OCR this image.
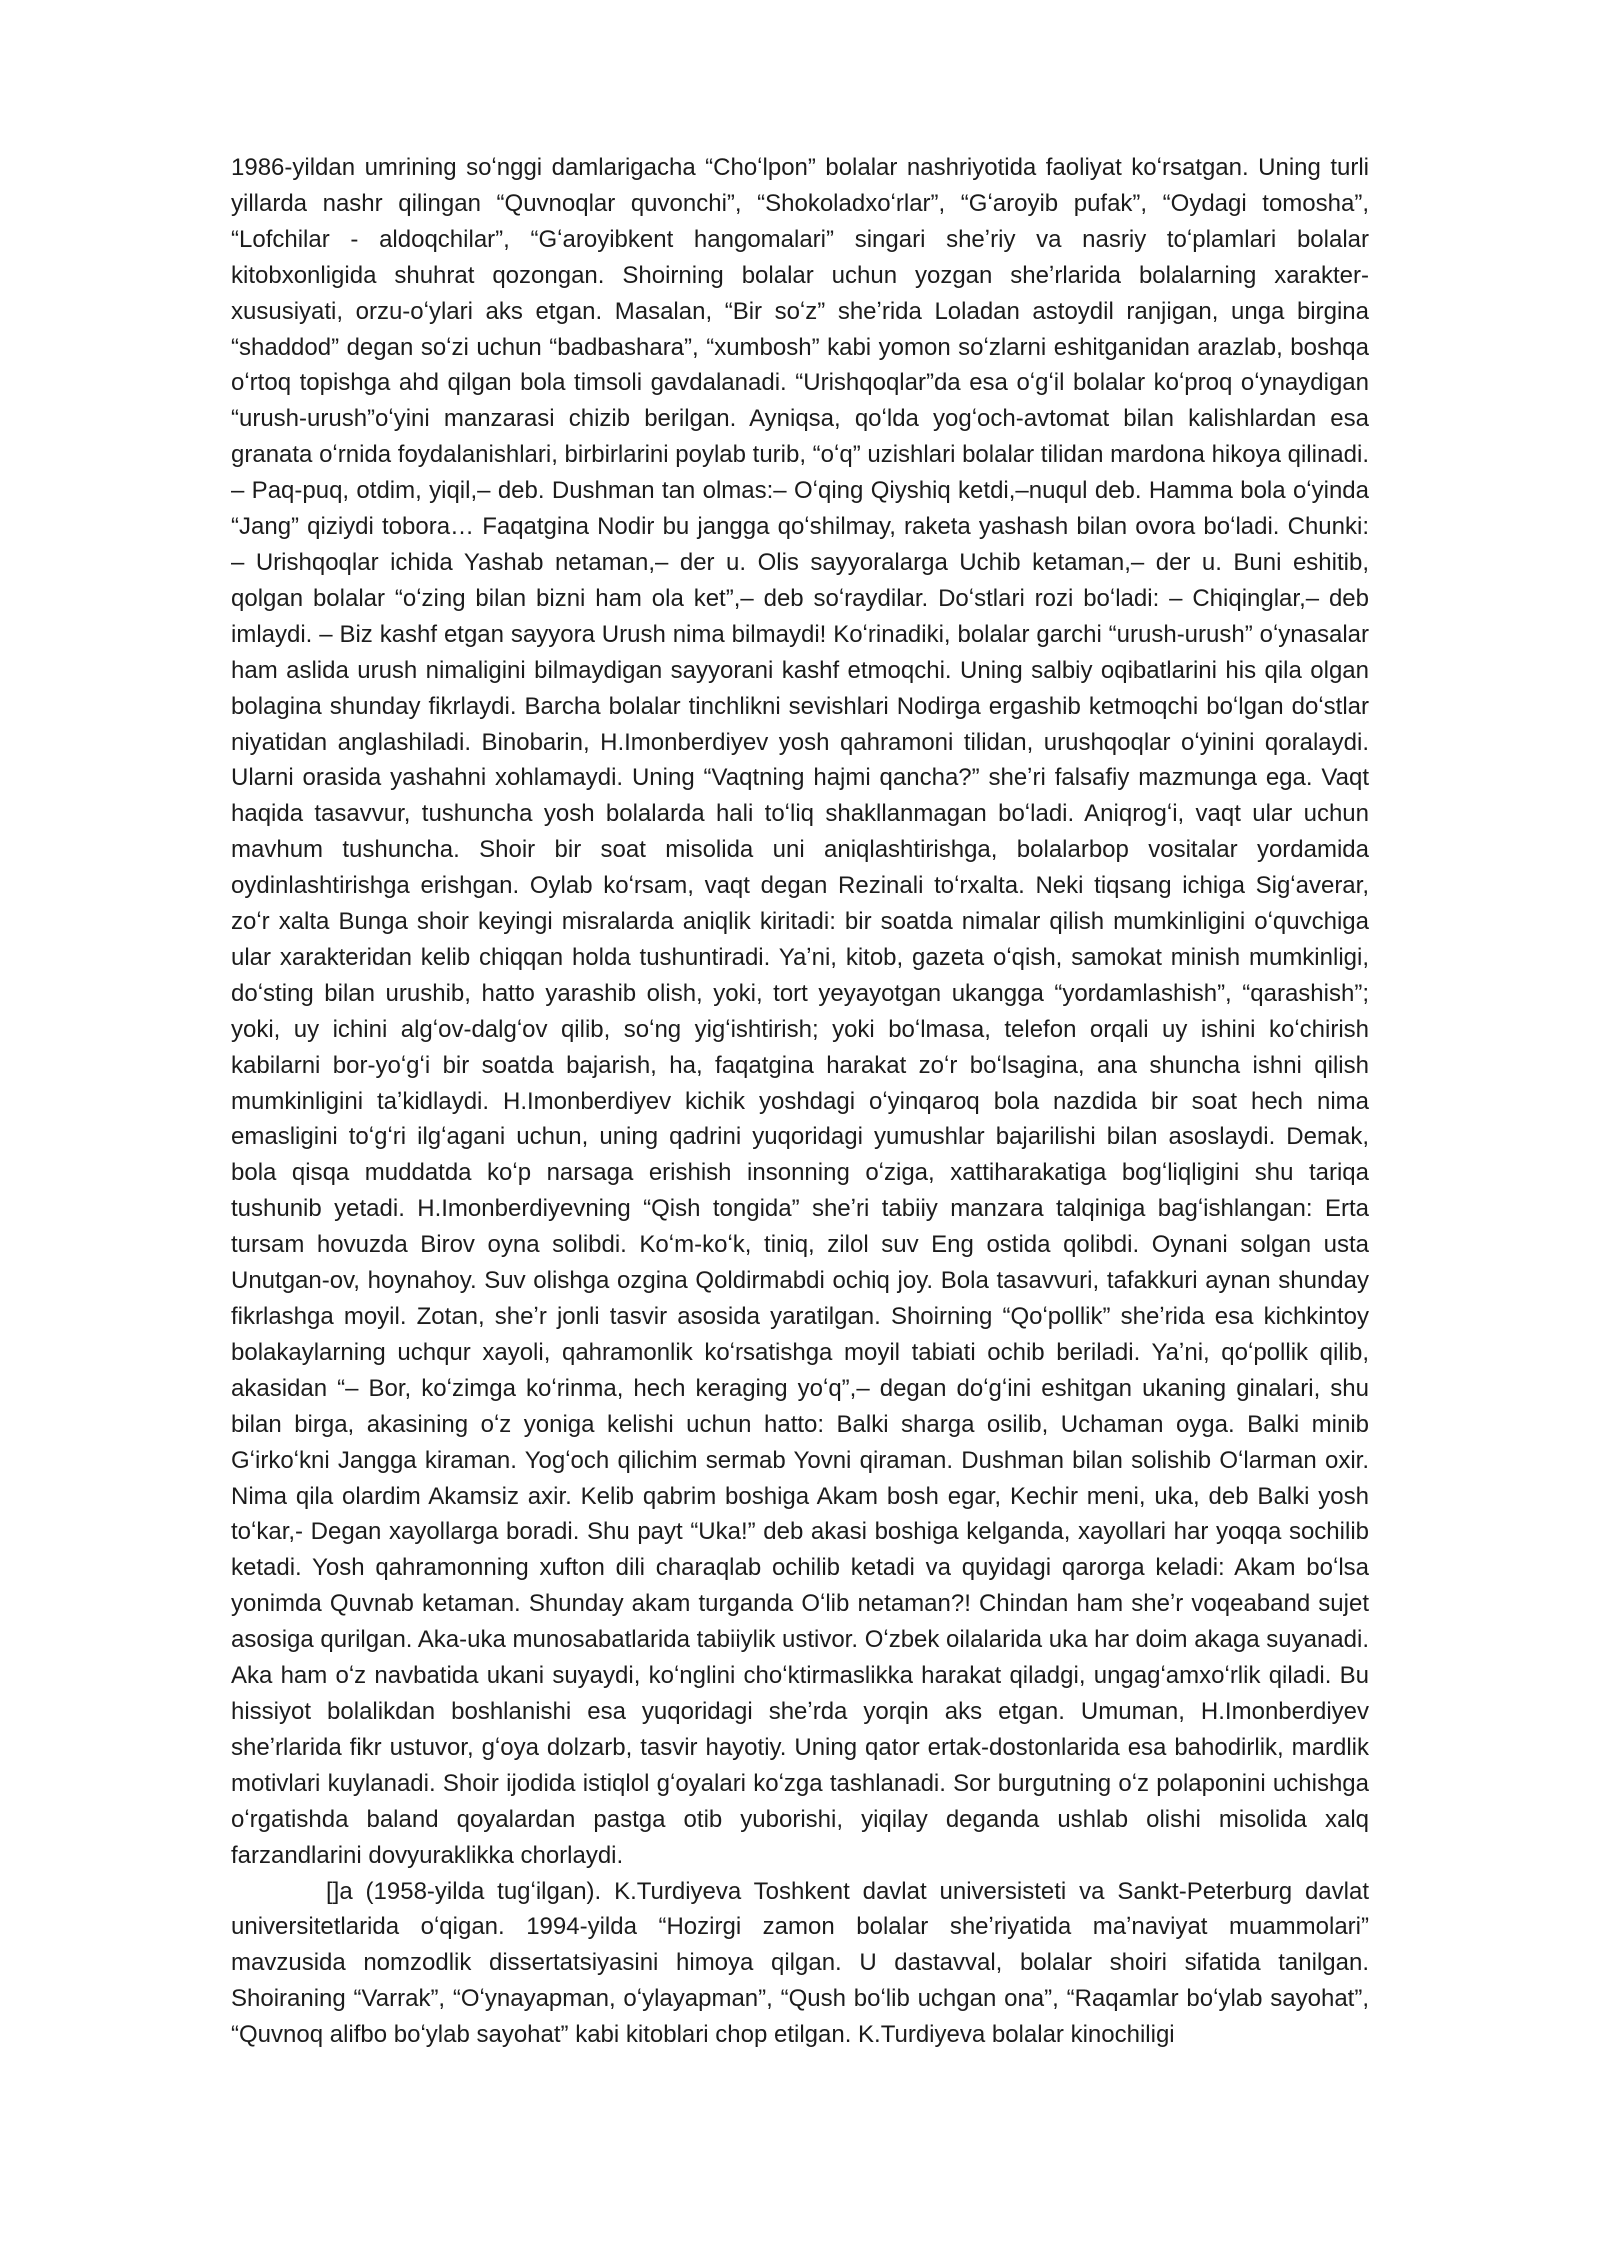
1986-yildan umrining soʻnggi damlarigacha “Choʻlpon” bolalar nashriyotida faoliyat koʻrsatgan. Uning turli yillarda nashr qilingan “Quvnoqlar quvonchi”, “Shokoladxoʻrlar”, “Gʻaroyib pufak”, “Oydagi tomosha”, “Lofchilar - aldoqchilar”, “Gʻaroyibkent hangomalari” singari sheʼriy va nasriy toʻplamlari bolalar kitobxonligida shuhrat qozongan. Shoirning bolalar uchun yozgan sheʼrlarida bolalarning xarakter-xususiyati, orzu-oʻylari aks etgan. Masalan, “Bir soʻz” sheʼrida Loladan astoydil ranjigan, unga birgina “shaddod” degan soʻzi uchun “badbashara”, “xumbosh” kabi yomon soʻzlarni eshitganidan arazlab, boshqa oʻrtoq topishga ahd qilgan bola timsoli gavdalanadi. “Urishqoqlar”da esa oʻgʻil bolalar koʻproq oʻynaydigan “urush-urush”oʻyini manzarasi chizib berilgan. Ayniqsa, qoʻlda yogʻoch-avtomat bilan kalishlardan esa granata oʻrnida foydalanishlari, birbirlarini poylab turib, “oʻq” uzishlari bolalar tilidan mardona hikoya qilinadi. – Paq-puq, otdim, yiqil,– deb. Dushman tan olmas:– Oʻqing Qiyshiq ketdi,–nuqul deb. Hamma bola oʻyinda “Jang” qiziydi tobora… Faqatgina Nodir bu jangga qoʻshilmay, raketa yashash bilan ovora boʻladi. Chunki: – Urishqoqlar ichida Yashab netaman,– der u. Olis sayyoralarga Uchib ketaman,– der u. Buni eshitib, qolgan bolalar “oʻzing bilan bizni ham ola ket”,– deb soʻraydilar. Doʻstlari rozi boʻladi: – Chiqinglar,– deb imlaydi. – Biz kashf etgan sayyora Urush nima bilmaydi! Koʻrinadiki, bolalar garchi “urush-urush” oʻynasalar ham aslida urush nimaligini bilmaydigan sayyorani kashf etmoqchi. Uning salbiy oqibatlarini his qila olgan bolagina shunday fikrlaydi. Barcha bolalar tinchlikni sevishlari Nodirga ergashib ketmoqchi boʻlgan doʻstlar niyatidan anglashiladi. Binobarin, H.Imonberdiyev yosh qahramoni tilidan, urushqoqlar oʻyinini qoralaydi. Ularni orasida yashahni xohlamaydi. Uning “Vaqtning hajmi qancha?” sheʼri falsafiy mazmunga ega. Vaqt haqida tasavvur, tushuncha yosh bolalarda hali toʻliq shakllanmagan boʻladi. Aniqrogʻi, vaqt ular uchun mavhum tushuncha. Shoir bir soat misolida uni aniqlashtirishga, bolalarbop vositalar yordamida oydinlashtirishga erishgan. Oylab koʻrsam, vaqt degan Rezinali toʻrxalta. Neki tiqsang ichiga Sigʻaverar, zoʻr xalta Bunga shoir keyingi misralarda aniqlik kiritadi: bir soatda nimalar qilish mumkinligini oʻquvchiga ular xarakteridan kelib chiqqan holda tushuntiradi. Yaʼni, kitob, gazeta oʻqish, samokat minish mumkinligi, doʻsting bilan urushib, hatto yarashib olish, yoki, tort yeyayotgan ukangga “yordamlashish”, “qarashish”; yoki, uy ichini algʻov-dalgʻov qilib, soʻng yigʻishtirish; yoki boʻlmasa, telefon orqali uy ishini koʻchirish kabilarni bor-yoʻgʻi bir soatda bajarish, ha, faqatgina harakat zoʻr boʻlsagina, ana shuncha ishni qilish mumkinligini taʼkidlaydi. H.Imonberdiyev kichik yoshdagi oʻyinqaroq bola nazdida bir soat hech nima emasligini toʻgʻri ilgʻagani uchun, uning qadrini yuqoridagi yumushlar bajarilishi bilan asoslaydi. Demak, bola qisqa muddatda koʻp narsaga erishish insonning oʻziga, xattiharakatiga bogʻliqligini shu tariqa tushunib yetadi. H.Imonberdiyevning “Qish tongida” sheʼri tabiiy manzara talqiniga bagʻishlangan: Erta tursam hovuzda Birov oyna solibdi. Koʻm-koʻk, tiniq, zilol suv Eng ostida qolibdi. Oynani solgan usta Unutgan-ov, hoynahoy. Suv olishga ozgina Qoldirmabdi ochiq joy. Bola tasavvuri, tafakkuri aynan shunday fikrlashga moyil. Zotan, sheʼr jonli tasvir asosida yaratilgan. Shoirning “Qoʻpollik” sheʼrida esa kichkintoy bolakaylarning uchqur xayoli, qahramonlik koʻrsatishga moyil tabiati ochib beriladi. Yaʼni, qoʻpollik qilib, akasidan “– Bor, koʻzimga koʻrinma, hech keraging yoʻq”,– degan doʻgʻini eshitgan ukaning ginalari, shu bilan birga, akasining oʻz yoniga kelishi uchun hatto: Balki sharga osilib, Uchaman oyga. Balki minib Gʻirkoʻkni Jangga kiraman. Yogʻoch qilichim sermab Yovni qiraman. Dushman bilan solishib Oʻlarman oxir. Nima qila olardim Akamsiz axir. Kelib qabrim boshiga Akam bosh egar, Kechir meni, uka, deb Balki yosh toʻkar,- Degan xayollarga boradi. Shu payt “Uka!” deb akasi boshiga kelganda, xayollari har yoqqa sochilib ketadi. Yosh qahramonning xufton dili charaqlab ochilib ketadi va quyidagi qarorga keladi: Akam boʻlsa yonimda Quvnab ketaman. Shunday akam turganda Oʻlib netaman?! Chindan ham sheʼr voqeaband sujet asosiga qurilgan. Aka-uka munosabatlarida tabiiylik ustivor. Oʻzbek oilalarida uka har doim akaga suyanadi. Aka ham oʻz navbatida ukani suyaydi, koʻnglini choʻktirmaslikka harakat qiladgi, ungagʻamxoʻrlik qiladi. Bu hissiyot bolalikdan boshlanishi esa yuqoridagi sheʼrda yorqin aks etgan. Umuman, H.Imonberdiyev sheʼrlarida fikr ustuvor, gʻoya dolzarb, tasvir hayotiy. Uning qator ertak-dostonlarida esa bahodirlik, mardlik motivlari kuylanadi. Shoir ijodida istiqlol gʻoyalari koʻzga tashlanadi. Sor burgutning oʻz polaponini uchishga oʻrgatishda baland qoyalardan pastga otib yuborishi, yiqilay deganda ushlab olishi misolida xalq farzandlarini dovyuraklikka chorlaydi.

[]a (1958-yilda tugʻilgan). K.Turdiyeva Toshkent davlat universisteti va Sankt-Peterburg davlat universitetlarida oʻqigan. 1994-yilda “Hozirgi zamon bolalar sheʼriyatida maʼnaviyat muammolari” mavzusida nomzodlik dissertatsiyasini himoya qilgan. U dastavval, bolalar shoiri sifatida tanilgan. Shoiraning “Varrak”, “Oʻynayapman, oʻylayapman”, “Qush boʻlib uchgan ona”, “Raqamlar boʻylab sayohat”, “Quvnoq alifbo boʻylab sayohat” kabi kitoblari chop etilgan. K.Turdiyeva bolalar kinochiligi
